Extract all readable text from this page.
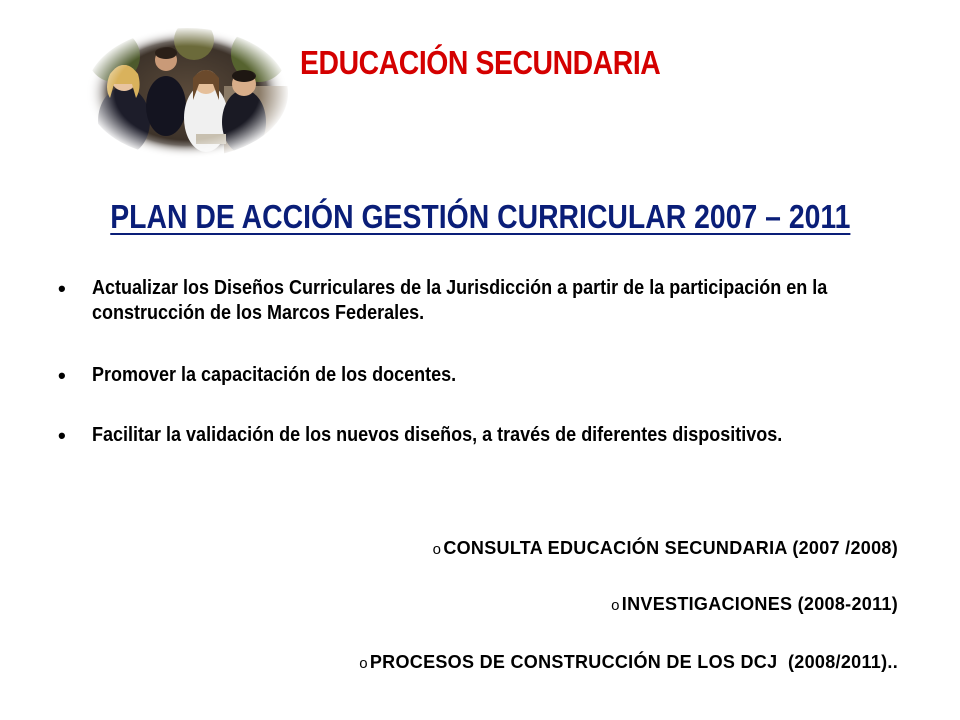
EDUCACIÓN SECUNDARIA
PLAN DE ACCIÓN GESTIÓN CURRICULAR 2007 – 2011
• Actualizar los Diseños Curriculares de la Jurisdicción a partir de la participación en la construcción de los Marcos Federales.
• Promover la capacitación de los docentes.
• Facilitar la validación de los nuevos diseños, a través de diferentes dispositivos.
o CONSULTA EDUCACIÓN SECUNDARIA (2007 /2008)
o INVESTIGACIONES (2008-2011)
o PROCESOS DE CONSTRUCCIÓN DE LOS DCJ  (2008/2011)..
